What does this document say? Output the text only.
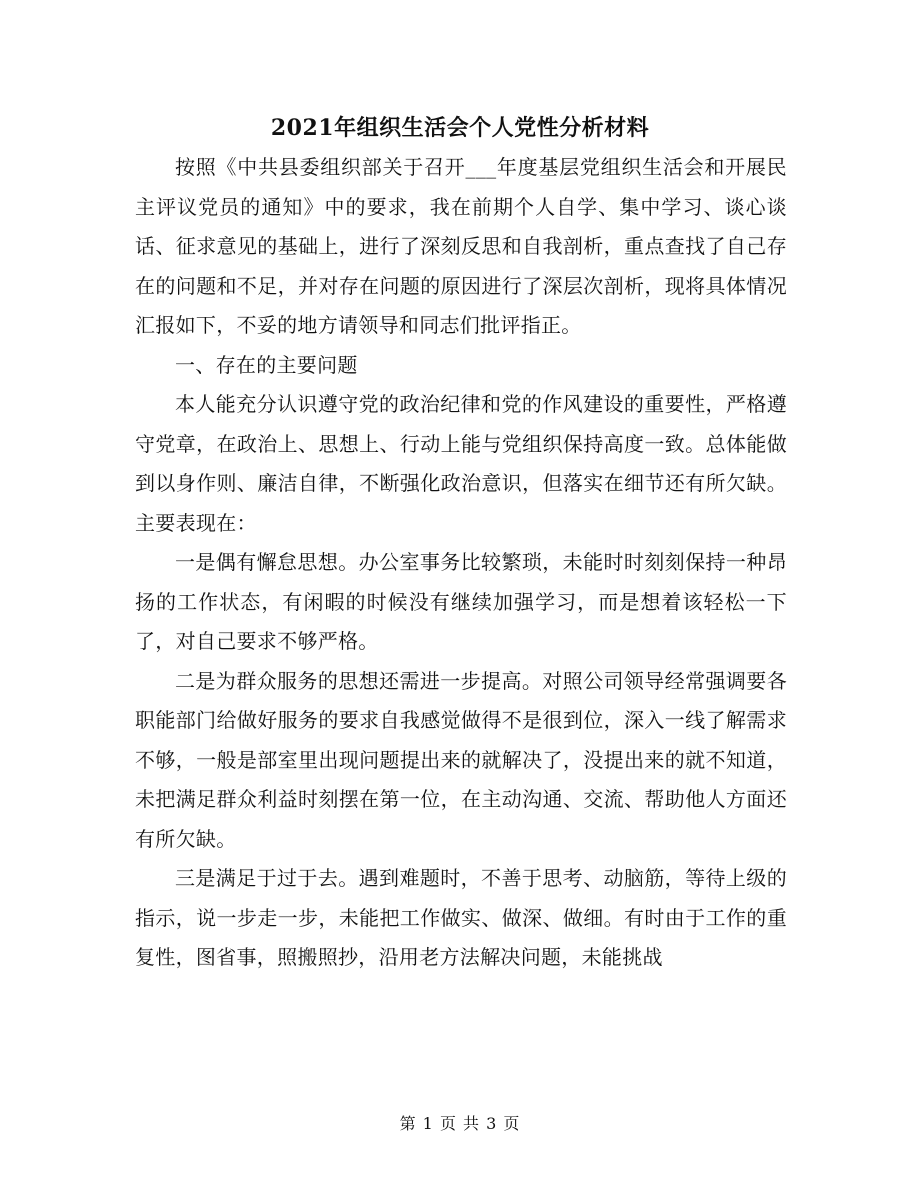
2021年组织生活会个人党性分析材料

按照《中共县委组织部关于召开___年度基层党组织生活会和开展民主评议党员的通知》中的要求，我在前期个人自学、集中学习、谈心谈话、征求意见的基础上，进行了深刻反思和自我剖析，重点查找了自己存在的问题和不足，并对存在问题的原因进行了深层次剖析，现将具体情况汇报如下，不妥的地方请领导和同志们批评指正。

一、存在的主要问题

本人能充分认识遵守党的政治纪律和党的作风建设的重要性，严格遵守党章，在政治上、思想上、行动上能与党组织保持高度一致。总体能做到以身作则、廉洁自律，不断强化政治意识，但落实在细节还有所欠缺。主要表现在：

一是偶有懈怠思想。办公室事务比较繁琐，未能时时刻刻保持一种昂扬的工作状态，有闲暇的时候没有继续加强学习，而是想着该轻松一下了，对自己要求不够严格。

二是为群众服务的思想还需进一步提高。对照公司领导经常强调要各职能部门给做好服务的要求自我感觉做得不是很到位，深入一线了解需求不够，一般是部室里出现问题提出来的就解决了，没提出来的就不知道，未把满足群众利益时刻摆在第一位，在主动沟通、交流、帮助他人方面还有所欠缺。

三是满足于过于去。遇到难题时，不善于思考、动脑筋，等待上级的指示，说一步走一步，未能把工作做实、做深、做细。有时由于工作的重复性，图省事，照搬照抄，沿用老方法解决问题，未能挑战

第 1 页 共 3 页
